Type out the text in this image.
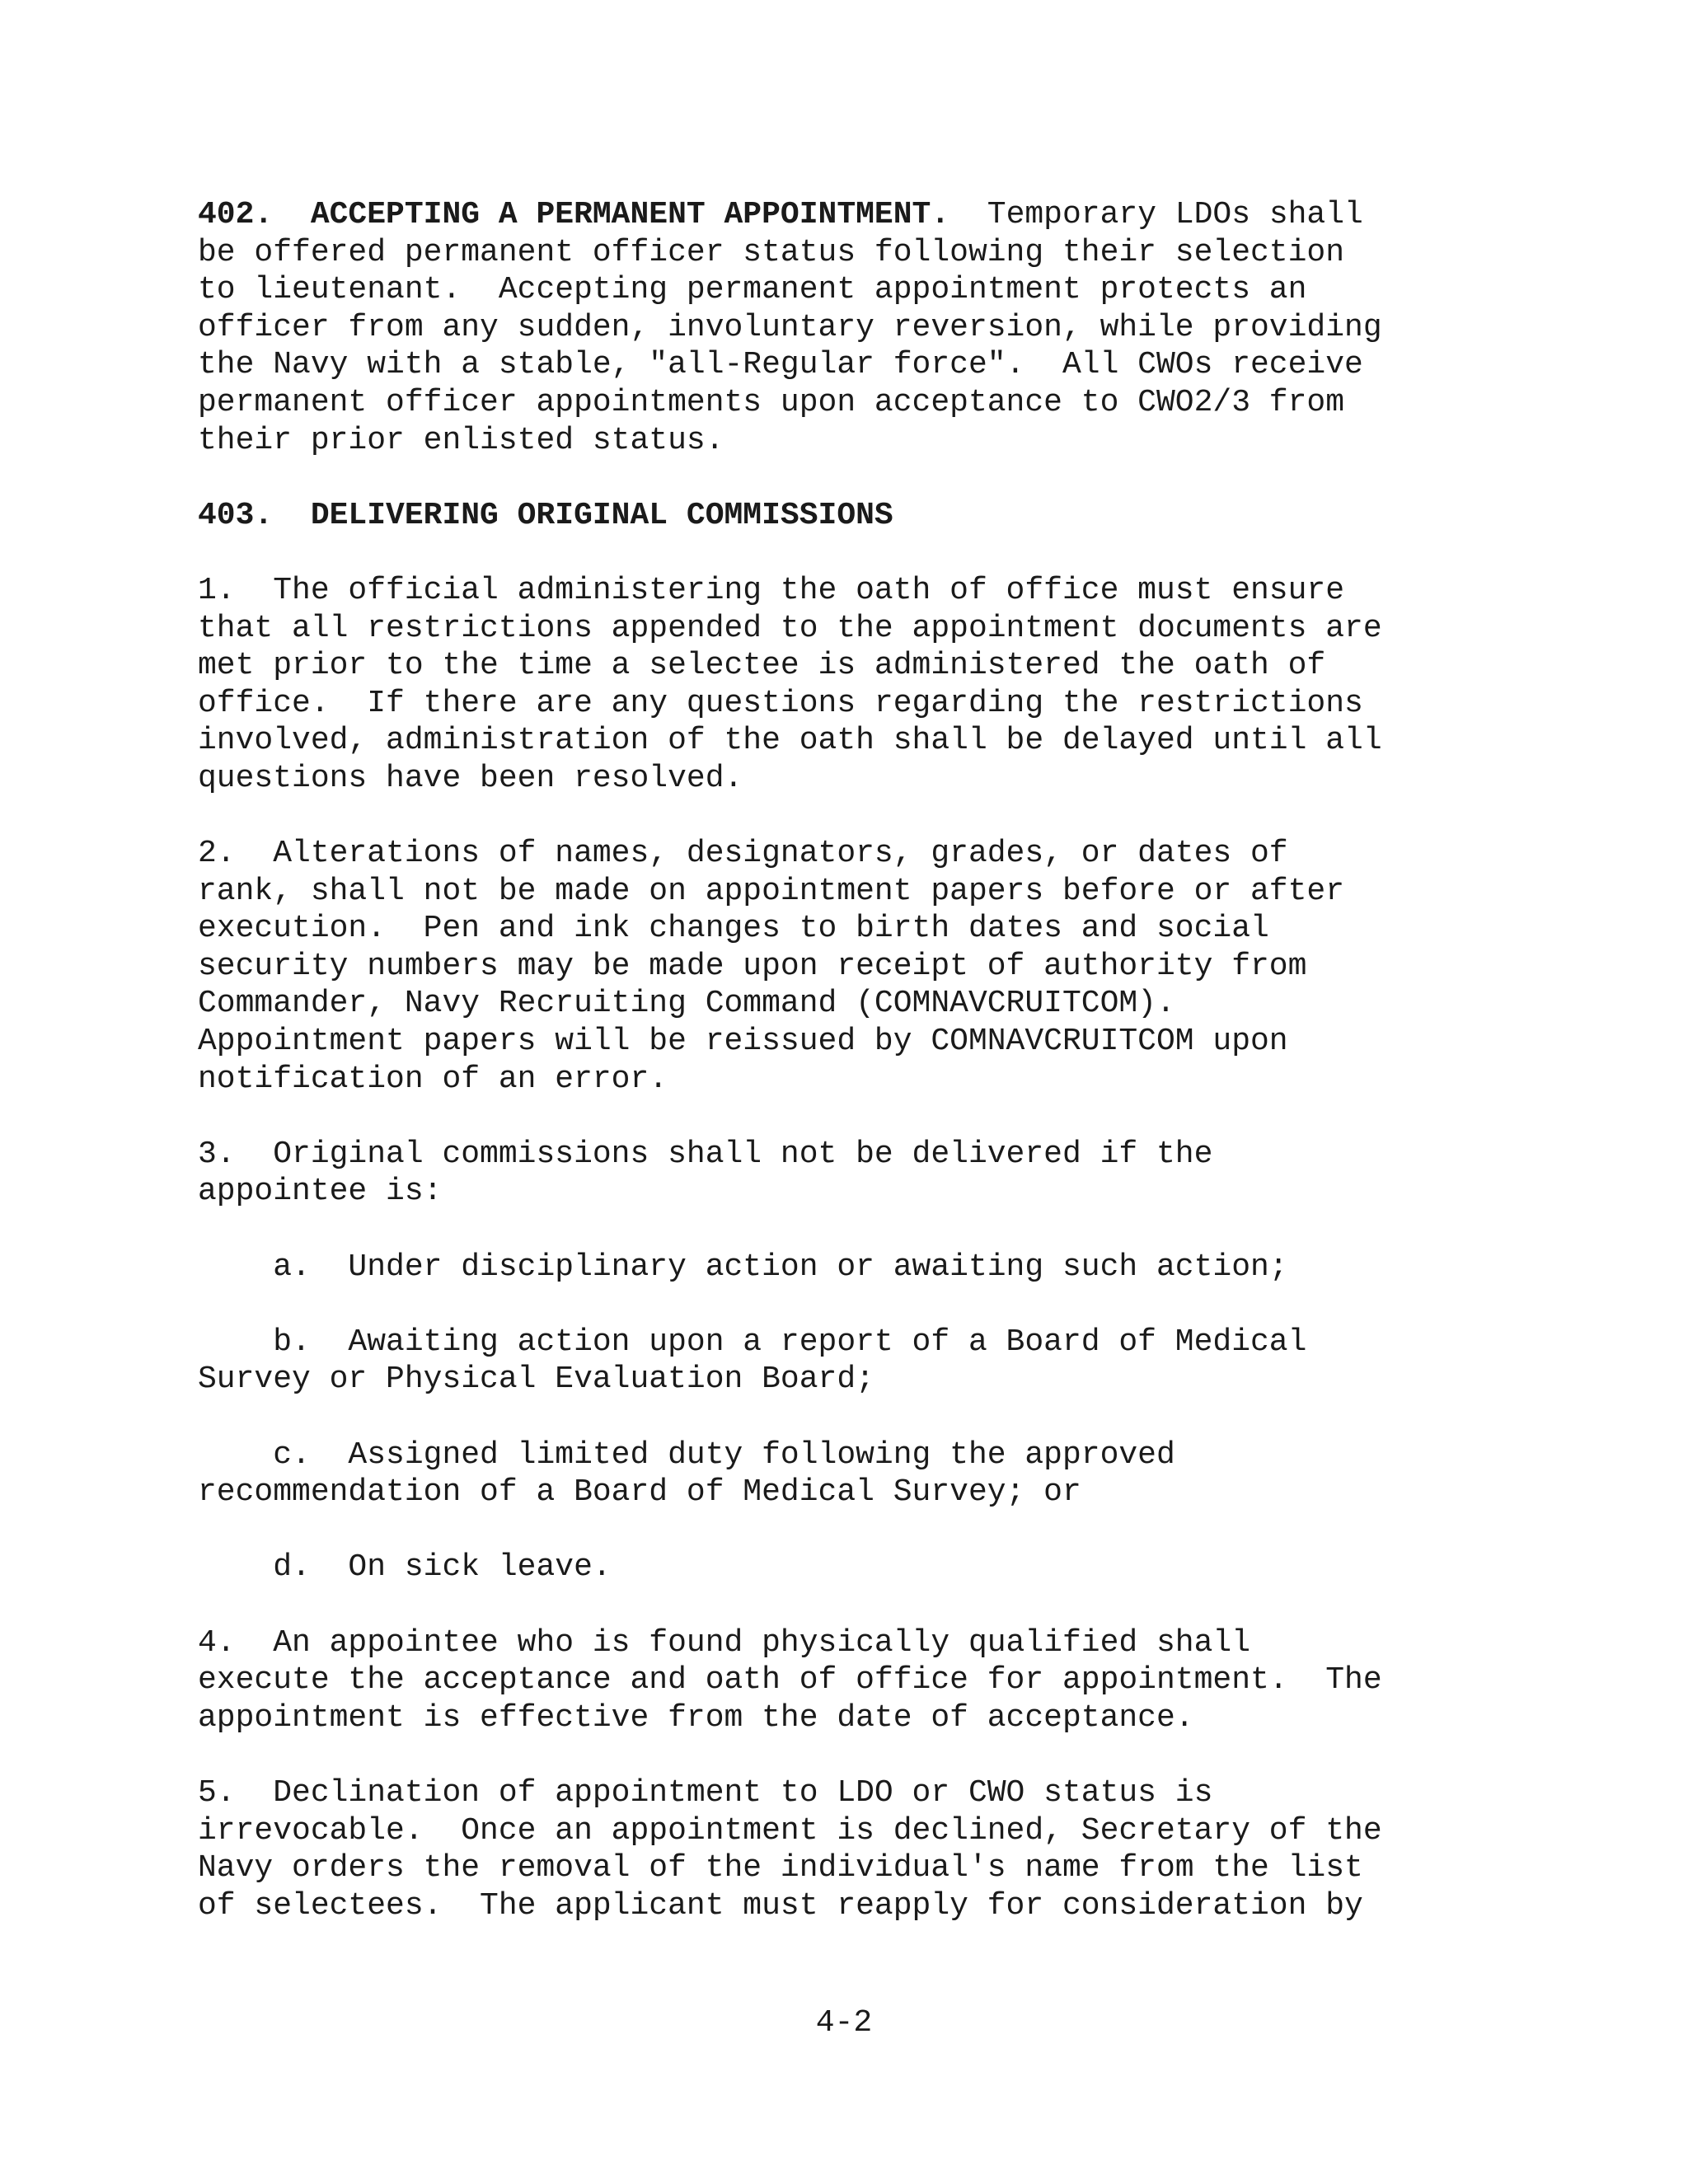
402.  ACCEPTING A PERMANENT APPOINTMENT.  Temporary LDOs shall
be offered permanent officer status following their selection
to lieutenant.  Accepting permanent appointment protects an
officer from any sudden, involuntary reversion, while providing
the Navy with a stable, "all-Regular force".  All CWOs receive
permanent officer appointments upon acceptance to CWO2/3 from
their prior enlisted status.
403.  DELIVERING ORIGINAL COMMISSIONS
1.  The official administering the oath of office must ensure
that all restrictions appended to the appointment documents are
met prior to the time a selectee is administered the oath of
office.  If there are any questions regarding the restrictions
involved, administration of the oath shall be delayed until all
questions have been resolved.
2.  Alterations of names, designators, grades, or dates of
rank, shall not be made on appointment papers before or after
execution.  Pen and ink changes to birth dates and social
security numbers may be made upon receipt of authority from
Commander, Navy Recruiting Command (COMNAVCRUITCOM).
Appointment papers will be reissued by COMNAVCRUITCOM upon
notification of an error.
3.  Original commissions shall not be delivered if the
appointee is:
a.  Under disciplinary action or awaiting such action;
b.  Awaiting action upon a report of a Board of Medical
Survey or Physical Evaluation Board;
c.  Assigned limited duty following the approved
recommendation of a Board of Medical Survey; or
d.  On sick leave.
4.  An appointee who is found physically qualified shall
execute the acceptance and oath of office for appointment.  The
appointment is effective from the date of acceptance.
5.  Declination of appointment to LDO or CWO status is
irrevocable.  Once an appointment is declined, Secretary of the
Navy orders the removal of the individual's name from the list
of selectees.  The applicant must reapply for consideration by
4-2
